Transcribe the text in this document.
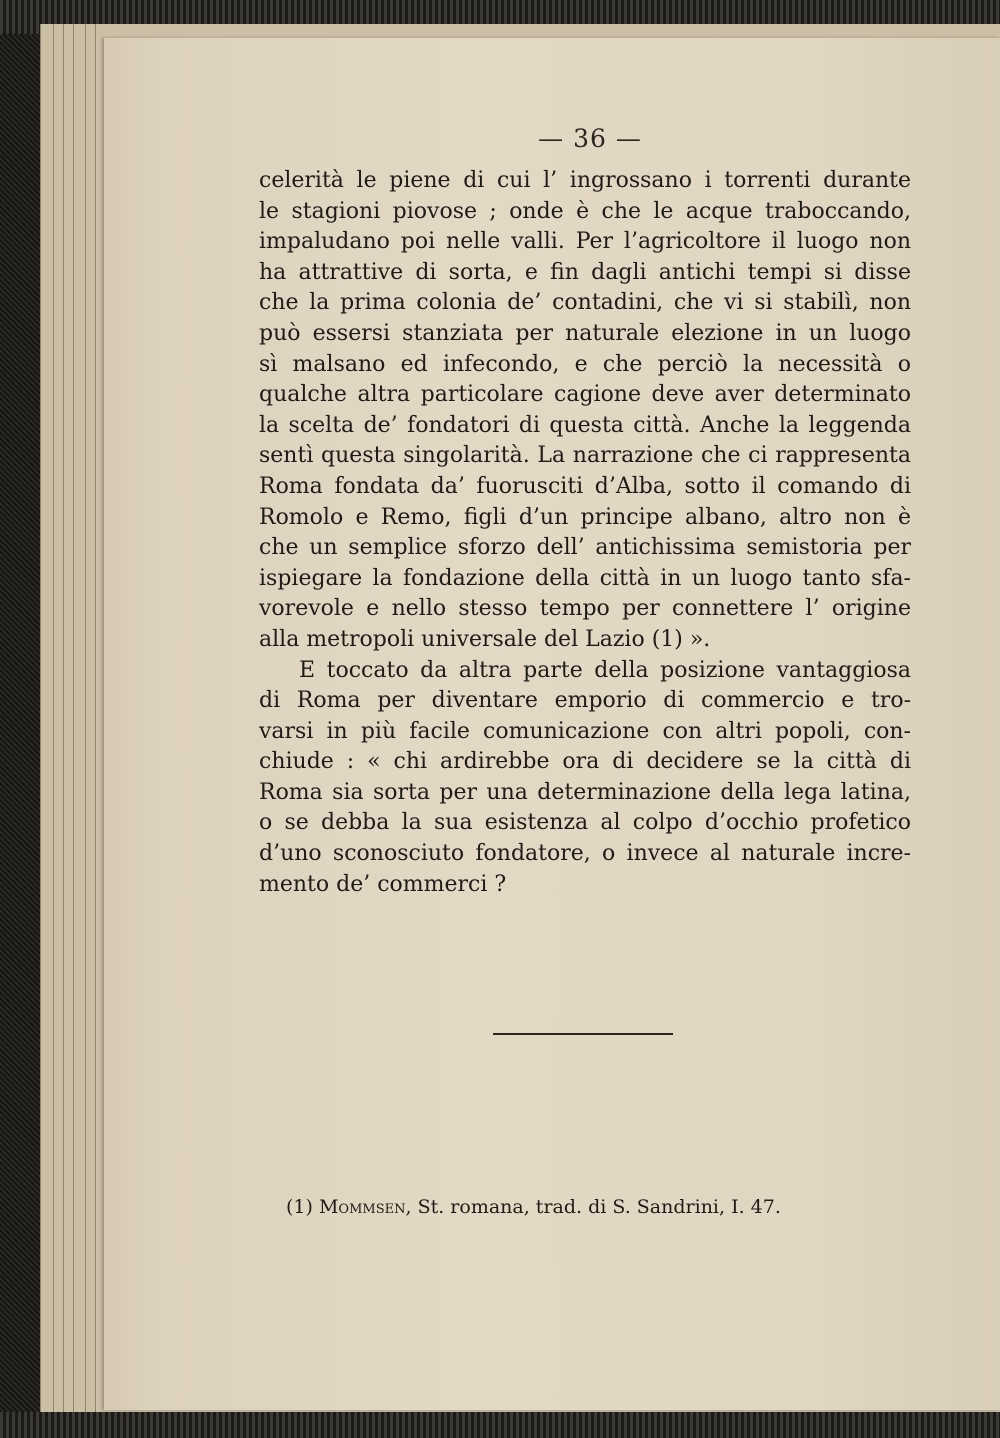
— 36 —
celerità le piene di cui l’ ingrossano i torrenti durante
le stagioni piovose ; onde è che le acque traboccando,
impaludano poi nelle valli. Per l’agricoltore il luogo non
ha attrattive di sorta, e fin dagli antichi tempi si disse
che la prima colonia de’ contadini, che vi si stabilì, non
può essersi stanziata per naturale elezione in un luogo
sì malsano ed infecondo, e che perciò la necessità o
qualche altra particolare cagione deve aver determinato
la scelta de’ fondatori di questa città. Anche la leggenda
sentì questa singolarità. La narrazione che ci rappresenta
Roma fondata da’ fuorusciti d’Alba, sotto il comando di
Romolo e Remo, figli d’un principe albano, altro non è
che un semplice sforzo dell’ antichissima semistoria per
ispiegare la fondazione della città in un luogo tanto sfa-
vorevole e nello stesso tempo per connettere l’ origine
alla metropoli universale del Lazio (1) ».
E toccato da altra parte della posizione vantaggiosa
di Roma per diventare emporio di commercio e tro-
varsi in più facile comunicazione con altri popoli, con-
chiude : « chi ardirebbe ora di decidere se la città di
Roma sia sorta per una determinazione della lega latina,
o se debba la sua esistenza al colpo d’occhio profetico
d’uno sconosciuto fondatore, o invece al naturale incre-
mento de’ commerci ?
(1) Mommsen, St. romana, trad. di S. Sandrini, I. 47.
